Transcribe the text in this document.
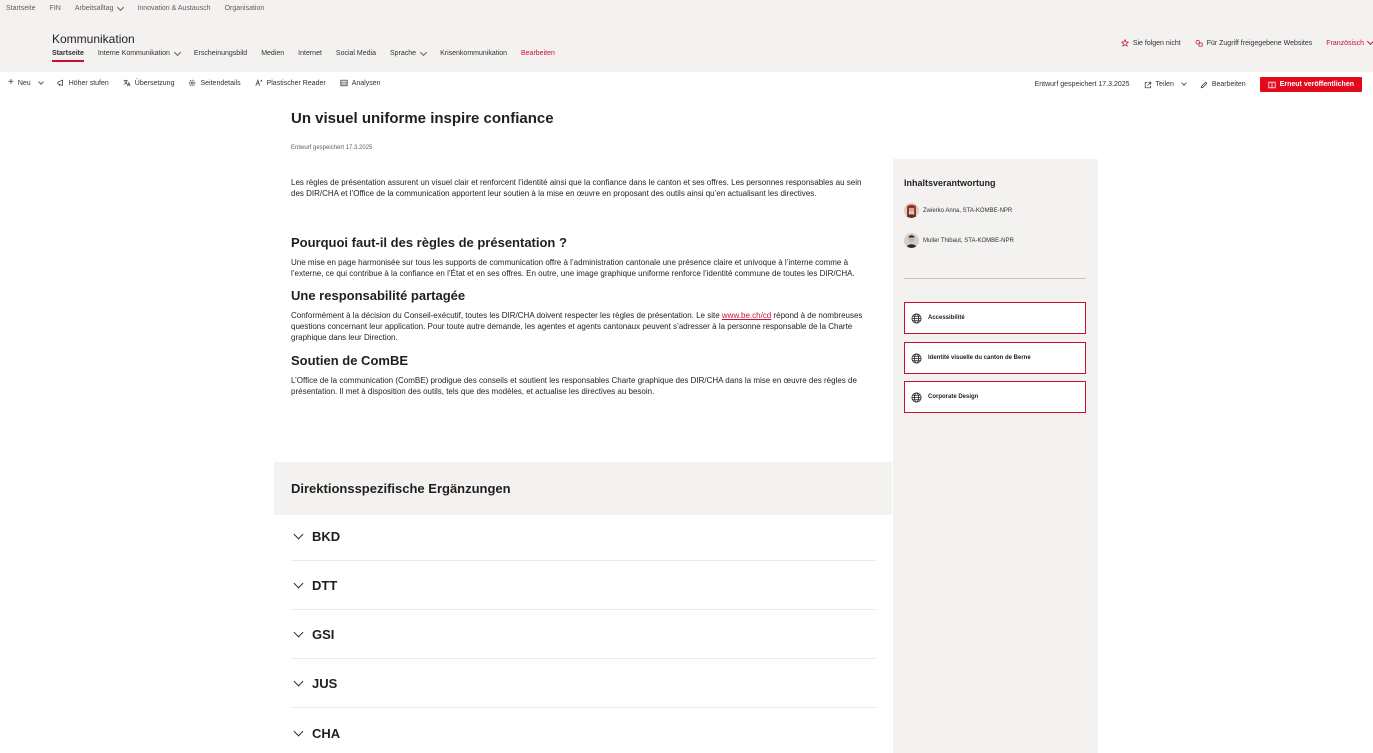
Startseite FIN Arbeitsalltag	Innovation & Austausch Organisation
Kommunikation
Startseite Interne Kommunikation	Erscheinungsbild Medien Internet Social Media Sprache	Krisenkommunikation Bearbeiten
Sie folgen nicht	Für Zugriff freigegebene Websites Französisch
+ Neu	Höher stufen	Übersetzung	Seitendetails	Plastischer Reader	Analysen	Entwurf gespeichert 17.3.2025	Teilen	Bearbeiten	Erneut veröffentlichen
Un visuel uniforme inspire confiance
Entwurf gespeichert 17.3.2025

Les règles de présentation assurent un visuel clair et renforcent l’identité ainsi que la confiance dans le canton et ses offres. Les personnes responsables au sein des DIR/CHA et l’Office de la communication apportent leur soutien à la mise en œuvre en proposant des outils ainsi qu’en actualisant les directives.

Pourquoi faut-il des règles de présentation ?

Une mise en page harmonisée sur tous les supports de communication offre à l’administration cantonale une présence claire et univoque à l’interne comme à l’externe, ce qui contribue à la confiance en l’État et en ses offres. En outre, une image graphique uniforme renforce l’identité commune de toutes les DIR/CHA.

Une responsabilité partagée

Conformément à la décision du Conseil-exécutif, toutes les DIR/CHA doivent respecter les règles de présentation. Le site www.be.ch/cd répond à de nombreuses questions concernant leur application. Pour toute autre demande, les agentes et agents cantonaux peuvent s’adresser à la personne responsable de la Charte graphique dans leur Direction.

Soutien de ComBE

L’Office de la communication (ComBE) prodigue des conseils et soutient les responsables Charte graphique des DIR/CHA dans la mise en œuvre des règles de présentation. Il met à disposition des outils, tels que des modèles, et actualise les directives au besoin.

Inhaltsverantwortung
Zwierko Anna, STA-KOMBE-NPR
Muller Thibaut, STA-KOMBE-NPR
Accessibilité
Identité visuelle du canton de Berne
Corporate Design
Direktionsspezifische Ergänzungen
BKD
DTT
GSI
JUS
CHA
